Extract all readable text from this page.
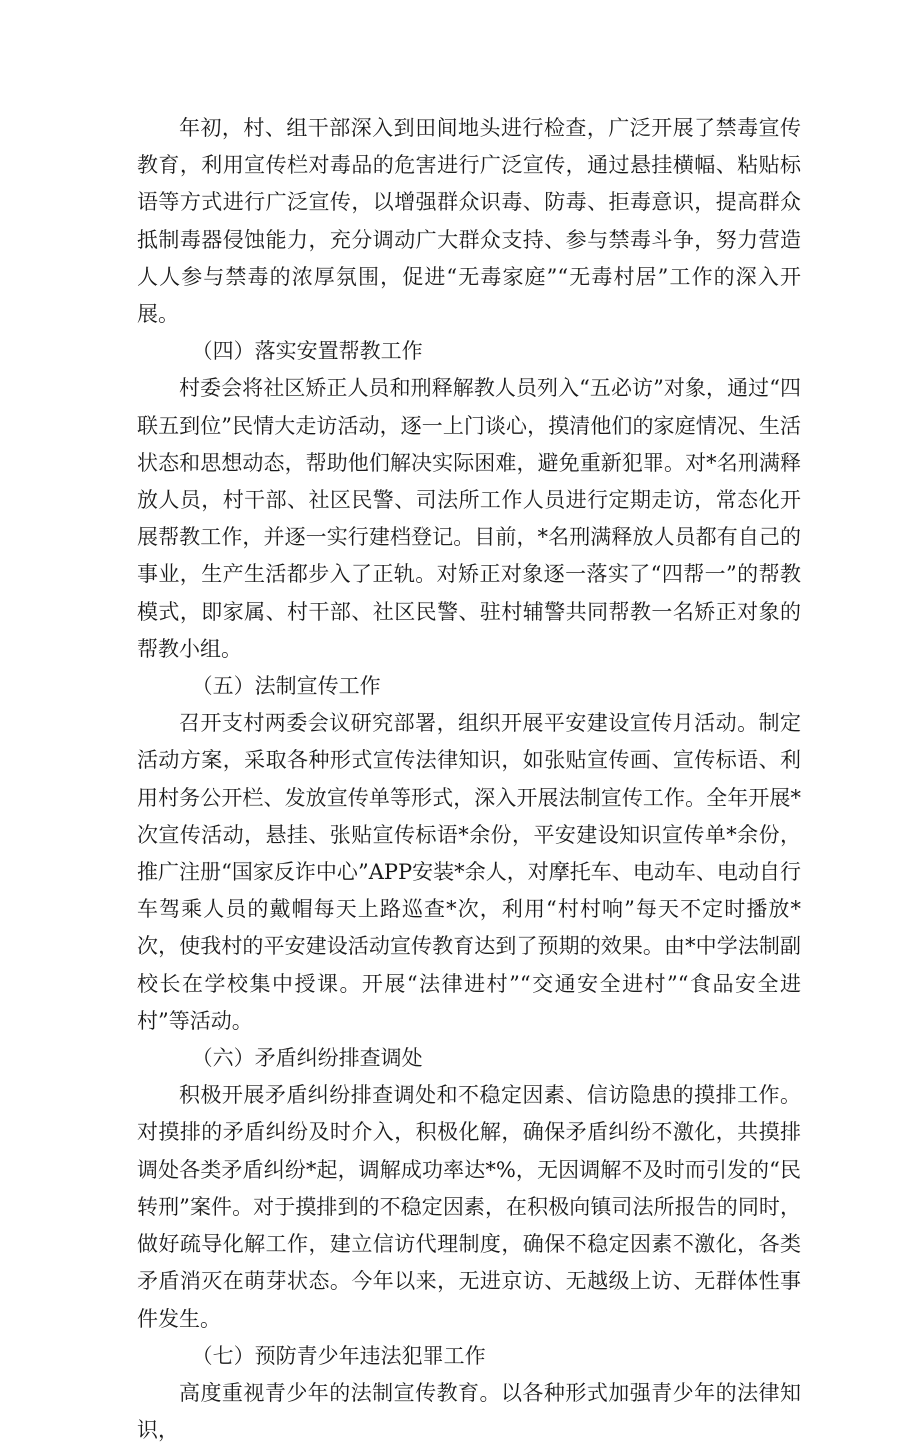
年初，村、组干部深入到田间地头进行检查，广泛开展了禁毒宣传教育，利用宣传栏对毒品的危害进行广泛宣传，通过悬挂横幅、粘贴标语等方式进行广泛宣传，以增强群众识毒、防毒、拒毒意识，提高群众抵制毒器侵蚀能力，充分调动广大群众支持、参与禁毒斗争，努力营造人人参与禁毒的浓厚氛围，促进“无毒家庭”“无毒村居”工作的深入开展。

（四）落实安置帮教工作

村委会将社区矫正人员和刑释解教人员列入“五必访”对象，通过“四联五到位”民情大走访活动，逐一上门谈心，摸清他们的家庭情况、生活状态和思想动态，帮助他们解决实际困难，避免重新犯罪。对*名刑满释放人员，村干部、社区民警、司法所工作人员进行定期走访，常态化开展帮教工作，并逐一实行建档登记。目前，*名刑满释放人员都有自己的事业，生产生活都步入了正轨。对矫正对象逐一落实了“四帮一”的帮教模式，即家属、村干部、社区民警、驻村辅警共同帮教一名矫正对象的帮教小组。

（五）法制宣传工作

召开支村两委会议研究部署，组织开展平安建设宣传月活动。制定活动方案，采取各种形式宣传法律知识，如张贴宣传画、宣传标语、利用村务公开栏、发放宣传单等形式，深入开展法制宣传工作。全年开展*次宣传活动，悬挂、张贴宣传标语*余份，平安建设知识宣传单*余份，推广注册“国家反诈中心”APP安装*余人，对摩托车、电动车、电动自行车驾乘人员的戴帽每天上路巡查*次，利用“村村响”每天不定时播放*次，使我村的平安建设活动宣传教育达到了预期的效果。由*中学法制副校长在学校集中授课。开展“法律进村”“交通安全进村”“食品安全进村”等活动。

（六）矛盾纠纷排查调处

积极开展矛盾纠纷排查调处和不稳定因素、信访隐患的摸排工作。对摸排的矛盾纠纷及时介入，积极化解，确保矛盾纠纷不激化，共摸排调处各类矛盾纠纷*起，调解成功率达*%，无因调解不及时而引发的“民转刑”案件。对于摸排到的不稳定因素，在积极向镇司法所报告的同时，做好疏导化解工作，建立信访代理制度，确保不稳定因素不激化，各类矛盾消灭在萌芽状态。今年以来，无进京访、无越级上访、无群体性事件发生。

（七）预防青少年违法犯罪工作

高度重视青少年的法制宣传教育。以各种形式加强青少年的法律知识，
